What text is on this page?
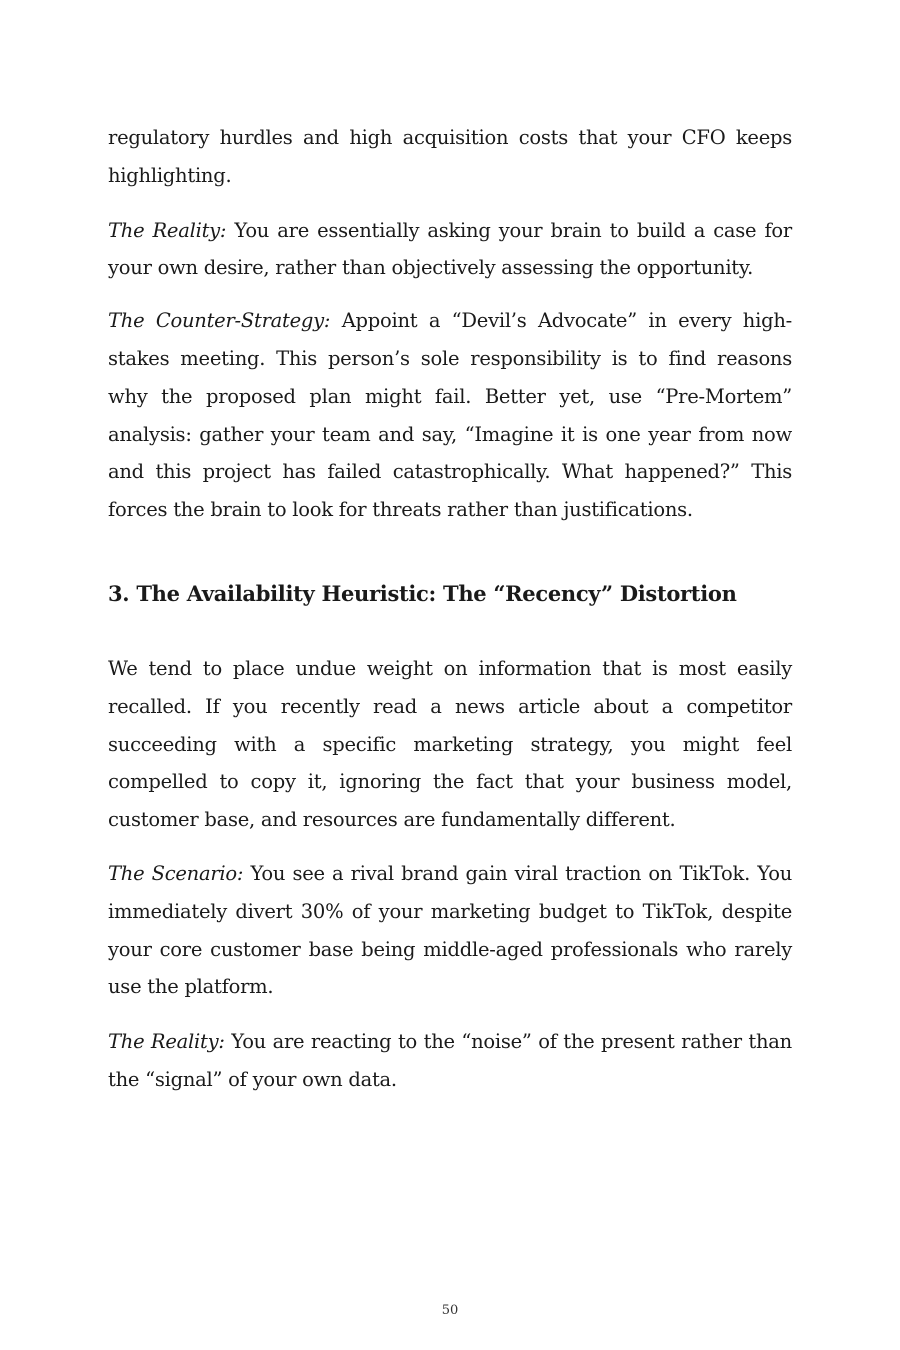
regulatory hurdles and high acquisition costs that your CFO keeps highlighting.

The Reality: You are essentially asking your brain to build a case for your own desire, rather than objectively assessing the opportunity.

The Counter-Strategy: Appoint a “Devil’s Advocate” in every high-stakes meeting. This person’s sole responsibility is to find reasons why the proposed plan might fail. Better yet, use “Pre-Mortem” analysis: gather your team and say, “Imagine it is one year from now and this project has failed catastrophically. What happened?” This forces the brain to look for threats rather than justifications.

3. The Availability Heuristic: The “Recency” Distortion

We tend to place undue weight on information that is most easily recalled. If you recently read a news article about a competitor succeeding with a specific marketing strategy, you might feel compelled to copy it, ignoring the fact that your business model, customer base, and resources are fundamentally different.

The Scenario: You see a rival brand gain viral traction on TikTok. You immediately divert 30% of your marketing budget to TikTok, despite your core customer base being middle-aged professionals who rarely use the platform.

The Reality: You are reacting to the “noise” of the present rather than the “signal” of your own data.

50
